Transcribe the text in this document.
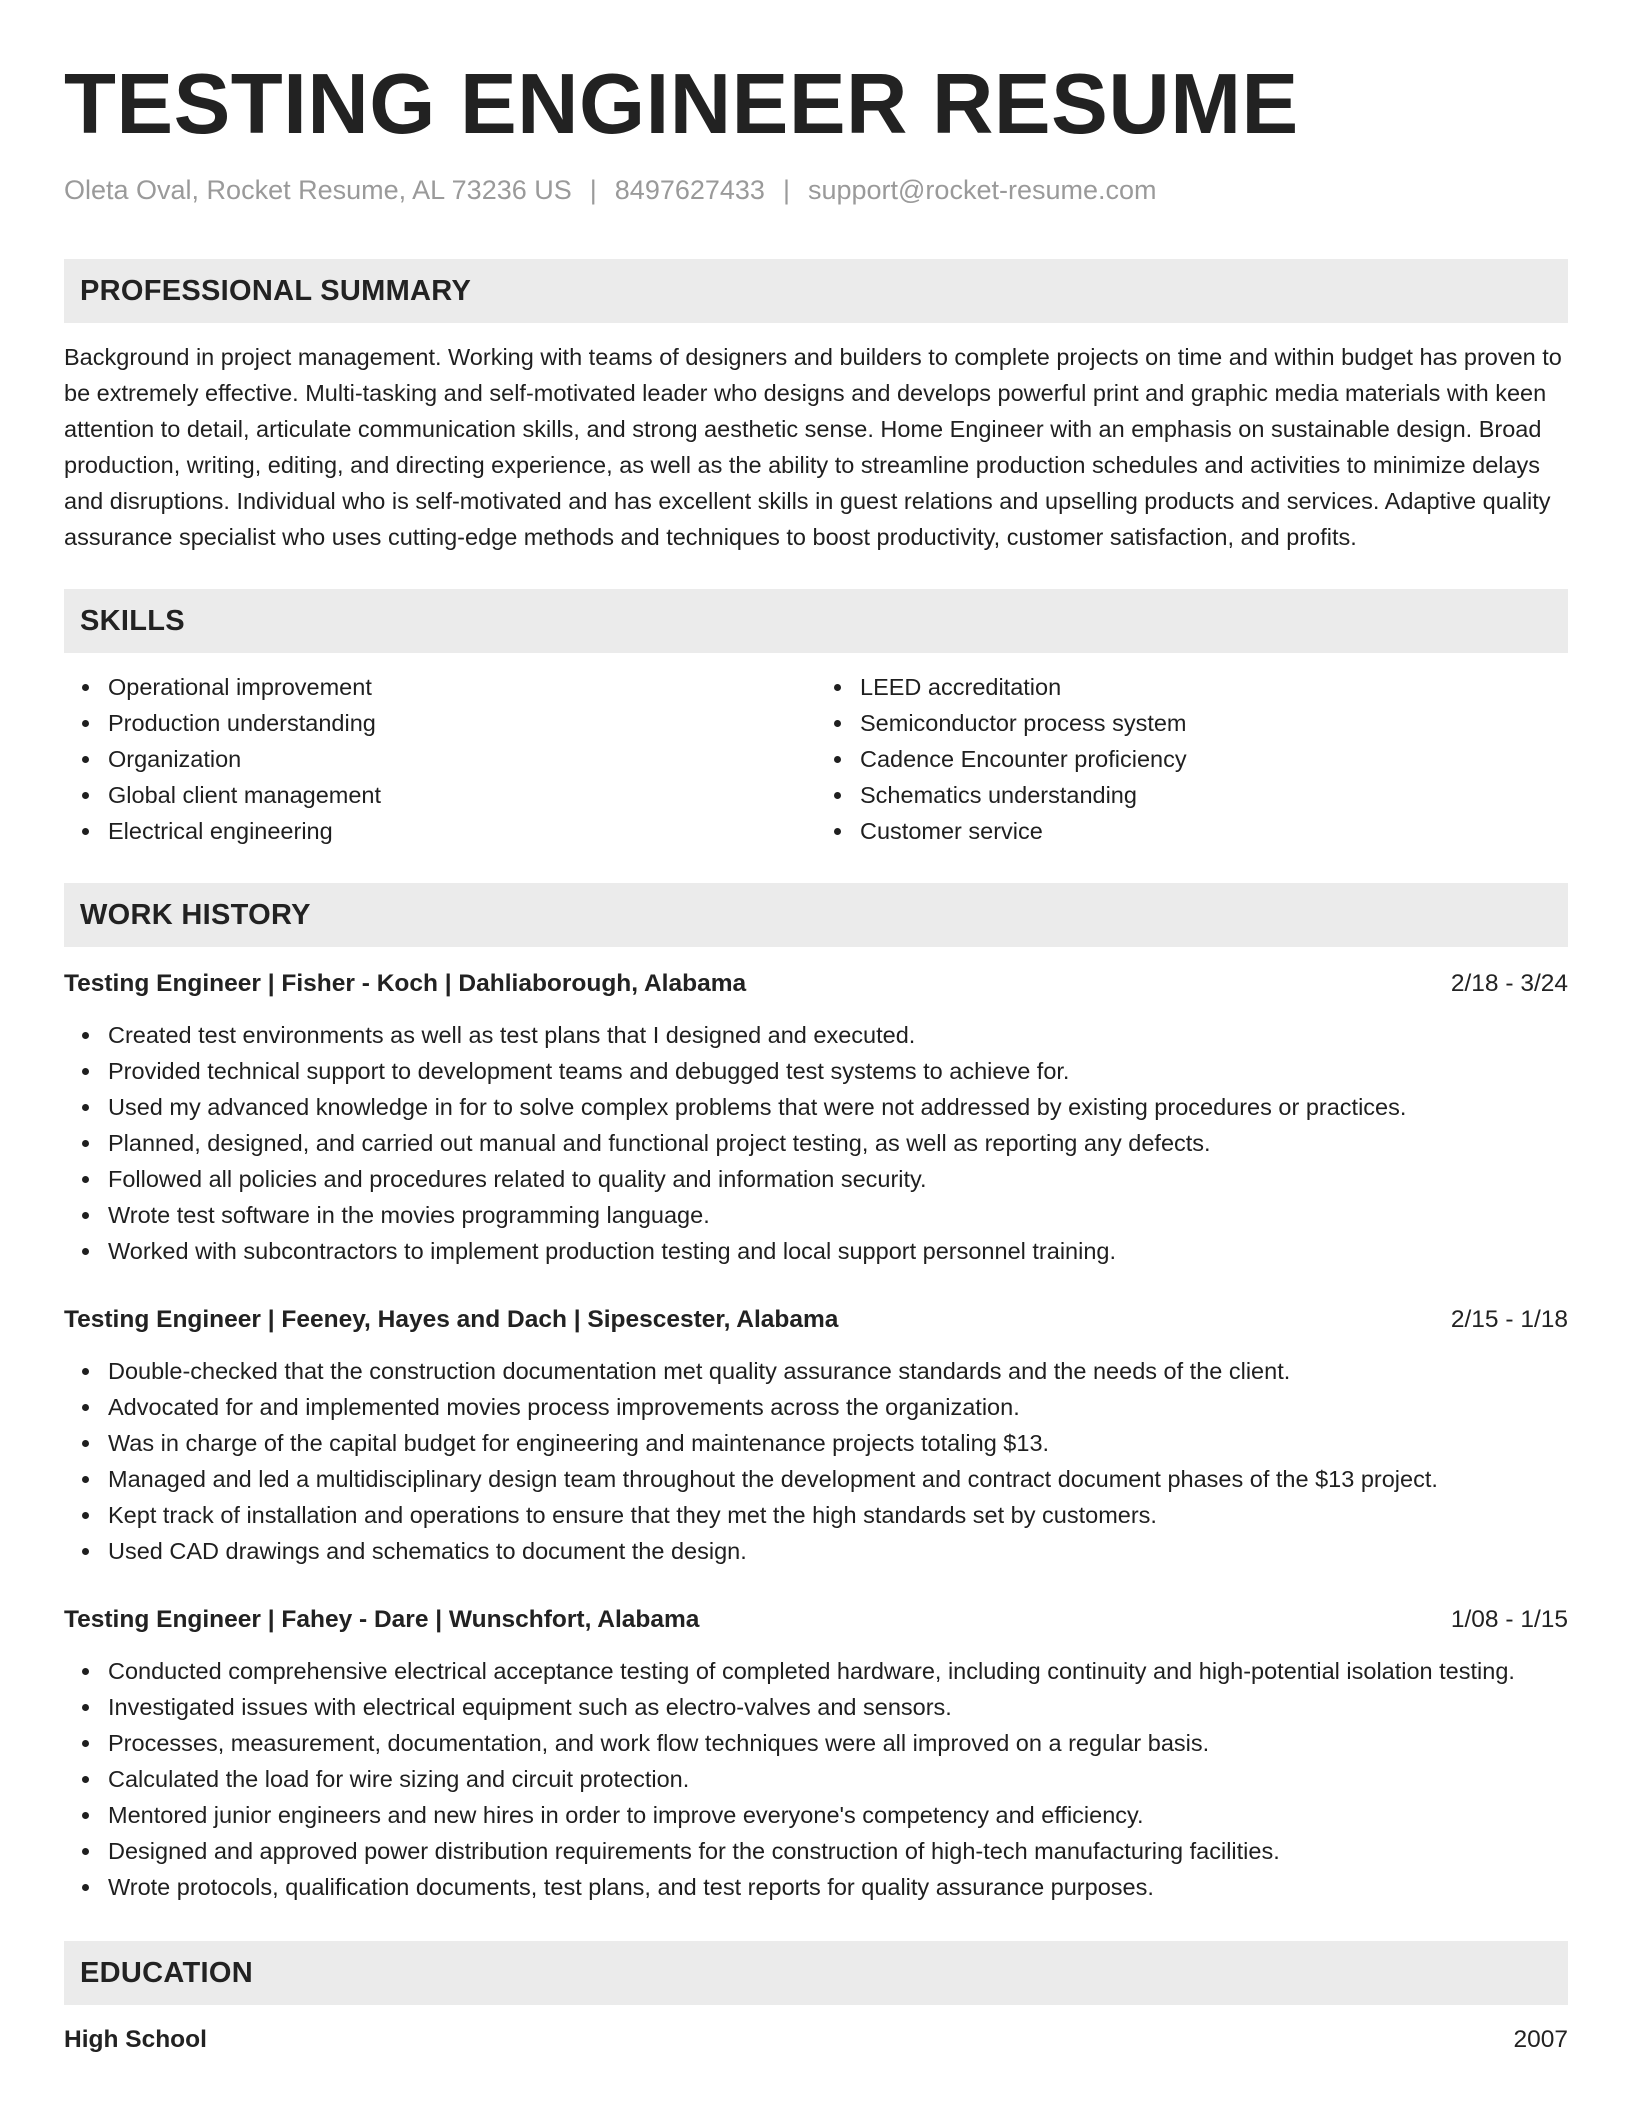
TESTING ENGINEER RESUME
Oleta Oval, Rocket Resume, AL 73236 US | 8497627433 | support@rocket-resume.com
PROFESSIONAL SUMMARY
Background in project management. Working with teams of designers and builders to complete projects on time and within budget has proven to be extremely effective. Multi-tasking and self-motivated leader who designs and develops powerful print and graphic media materials with keen attention to detail, articulate communication skills, and strong aesthetic sense. Home Engineer with an emphasis on sustainable design. Broad production, writing, editing, and directing experience, as well as the ability to streamline production schedules and activities to minimize delays and disruptions. Individual who is self-motivated and has excellent skills in guest relations and upselling products and services. Adaptive quality assurance specialist who uses cutting-edge methods and techniques to boost productivity, customer satisfaction, and profits.
SKILLS
Operational improvement
Production understanding
Organization
Global client management
Electrical engineering
LEED accreditation
Semiconductor process system
Cadence Encounter proficiency
Schematics understanding
Customer service
WORK HISTORY
Testing Engineer | Fisher - Koch | Dahliaborough, Alabama	2/18 - 3/24
Created test environments as well as test plans that I designed and executed.
Provided technical support to development teams and debugged test systems to achieve for.
Used my advanced knowledge in for to solve complex problems that were not addressed by existing procedures or practices.
Planned, designed, and carried out manual and functional project testing, as well as reporting any defects.
Followed all policies and procedures related to quality and information security.
Wrote test software in the movies programming language.
Worked with subcontractors to implement production testing and local support personnel training.
Testing Engineer | Feeney, Hayes and Dach | Sipescester, Alabama	2/15 - 1/18
Double-checked that the construction documentation met quality assurance standards and the needs of the client.
Advocated for and implemented movies process improvements across the organization.
Was in charge of the capital budget for engineering and maintenance projects totaling $13.
Managed and led a multidisciplinary design team throughout the development and contract document phases of the $13 project.
Kept track of installation and operations to ensure that they met the high standards set by customers.
Used CAD drawings and schematics to document the design.
Testing Engineer | Fahey - Dare | Wunschfort, Alabama	1/08 - 1/15
Conducted comprehensive electrical acceptance testing of completed hardware, including continuity and high-potential isolation testing.
Investigated issues with electrical equipment such as electro-valves and sensors.
Processes, measurement, documentation, and work flow techniques were all improved on a regular basis.
Calculated the load for wire sizing and circuit protection.
Mentored junior engineers and new hires in order to improve everyone's competency and efficiency.
Designed and approved power distribution requirements for the construction of high-tech manufacturing facilities.
Wrote protocols, qualification documents, test plans, and test reports for quality assurance purposes.
EDUCATION
High School	2007
